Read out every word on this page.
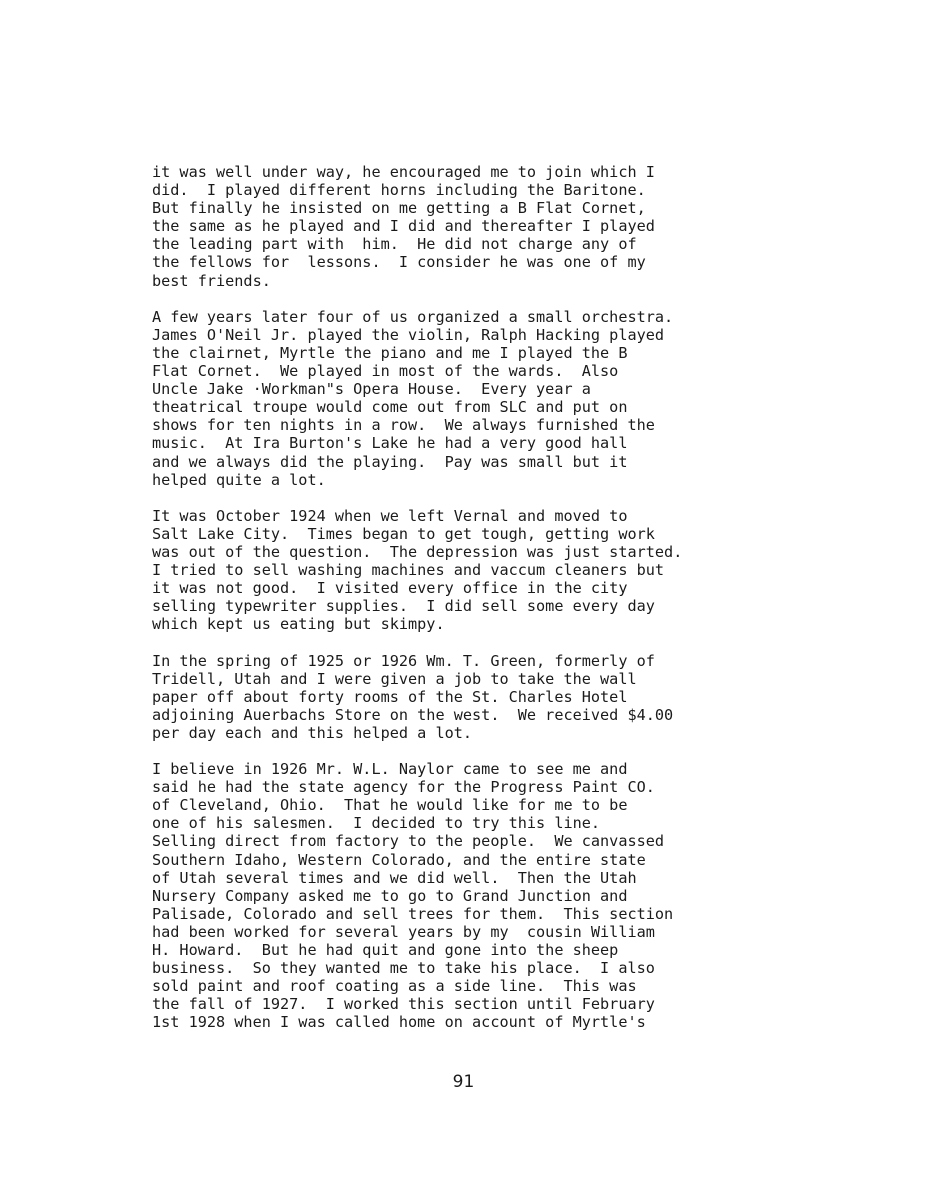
it was well under way, he encouraged me to join which I
did.  I played different horns including the Baritone.
But finally he insisted on me getting a B Flat Cornet,
the same as he played and I did and thereafter I played
the leading part with  him.  He did not charge any of
the fellows for  lessons.  I consider he was one of my
best friends.

A few years later four of us organized a small orchestra.
James O'Neil Jr. played the violin, Ralph Hacking played
the clairnet, Myrtle the piano and me I played the B
Flat Cornet.  We played in most of the wards.  Also
Uncle Jake ·Workman"s Opera House.  Every year a
theatrical troupe would come out from SLC and put on
shows for ten nights in a row.  We always furnished the
music.  At Ira Burton's Lake he had a very good hall
and we always did the playing.  Pay was small but it
helped quite a lot.

It was October 1924 when we left Vernal and moved to
Salt Lake City.  Times began to get tough, getting work
was out of the question.  The depression was just started.
I tried to sell washing machines and vaccum cleaners but
it was not good.  I visited every office in the city
selling typewriter supplies.  I did sell some every day
which kept us eating but skimpy.

In the spring of 1925 or 1926 Wm. T. Green, formerly of
Tridell, Utah and I were given a job to take the wall
paper off about forty rooms of the St. Charles Hotel
adjoining Auerbachs Store on the west.  We received $4.00
per day each and this helped a lot.

I believe in 1926 Mr. W.L. Naylor came to see me and
said he had the state agency for the Progress Paint CO.
of Cleveland, Ohio.  That he would like for me to be
one of his salesmen.  I decided to try this line.
Selling direct from factory to the people.  We canvassed
Southern Idaho, Western Colorado, and the entire state
of Utah several times and we did well.  Then the Utah
Nursery Company asked me to go to Grand Junction and
Palisade, Colorado and sell trees for them.  This section
had been worked for several years by my  cousin William
H. Howard.  But he had quit and gone into the sheep
business.  So they wanted me to take his place.  I also
sold paint and roof coating as a side line.  This was
the fall of 1927.  I worked this section until February
1st 1928 when I was called home on account of Myrtle's

91
